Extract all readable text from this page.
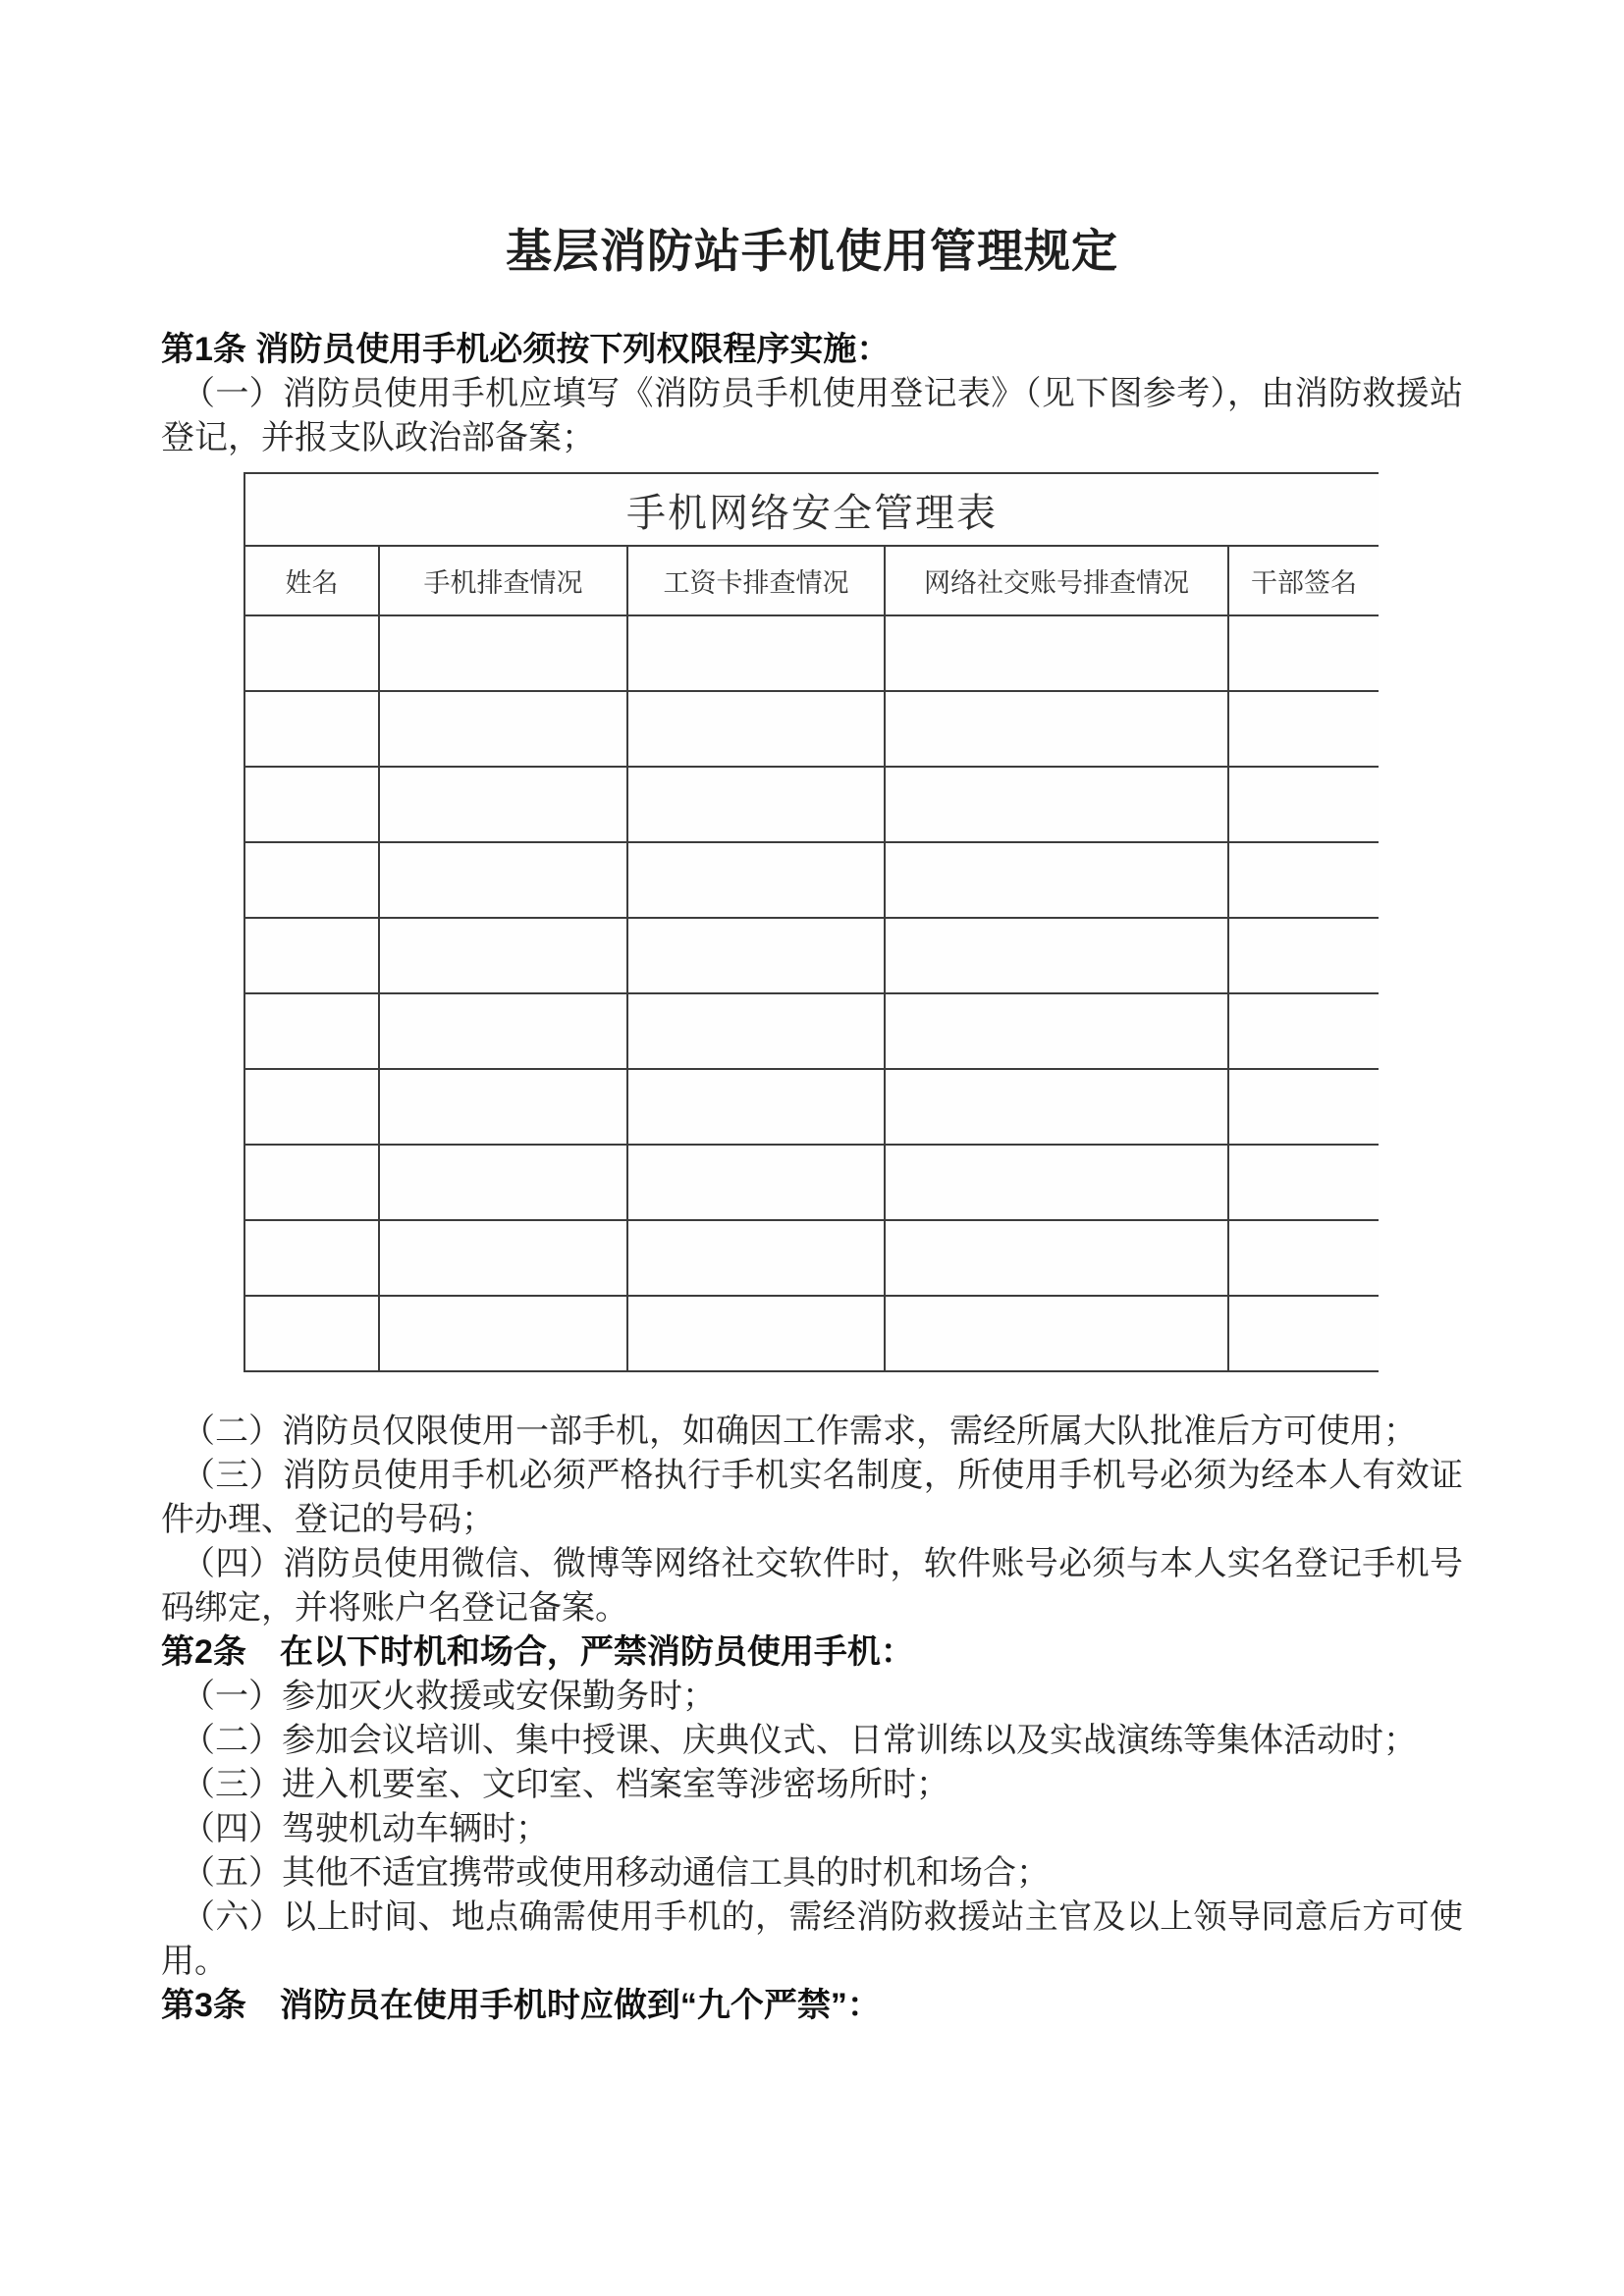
基层消防站手机使用管理规定

第1条 消防员使用手机必须按下列权限程序实施：

（一）消防员使用手机应填写《消防员手机使用登记表》（见下图参考），由消防救援站登记，并报支队政治部备案；

手机网络安全管理表				
姓名	手机排查情况	工资卡排查情况	网络社交账号排查情况	干部签名

（二）消防员仅限使用一部手机，如确因工作需求，需经所属大队批准后方可使用；

（三）消防员使用手机必须严格执行手机实名制度，所使用手机号必须为经本人有效证件办理、登记的号码；

（四）消防员使用微信、微博等网络社交软件时，软件账号必须与本人实名登记手机号码绑定，并将账户名登记备案。

第2条　在以下时机和场合，严禁消防员使用手机：

（一）参加灭火救援或安保勤务时；

（二）参加会议培训、集中授课、庆典仪式、日常训练以及实战演练等集体活动时；

（三）进入机要室、文印室、档案室等涉密场所时；

（四）驾驶机动车辆时；

（五）其他不适宜携带或使用移动通信工具的时机和场合；

（六）以上时间、地点确需使用手机的，需经消防救援站主官及以上领导同意后方可使用。

第3条　消防员在使用手机时应做到“九个严禁”：
